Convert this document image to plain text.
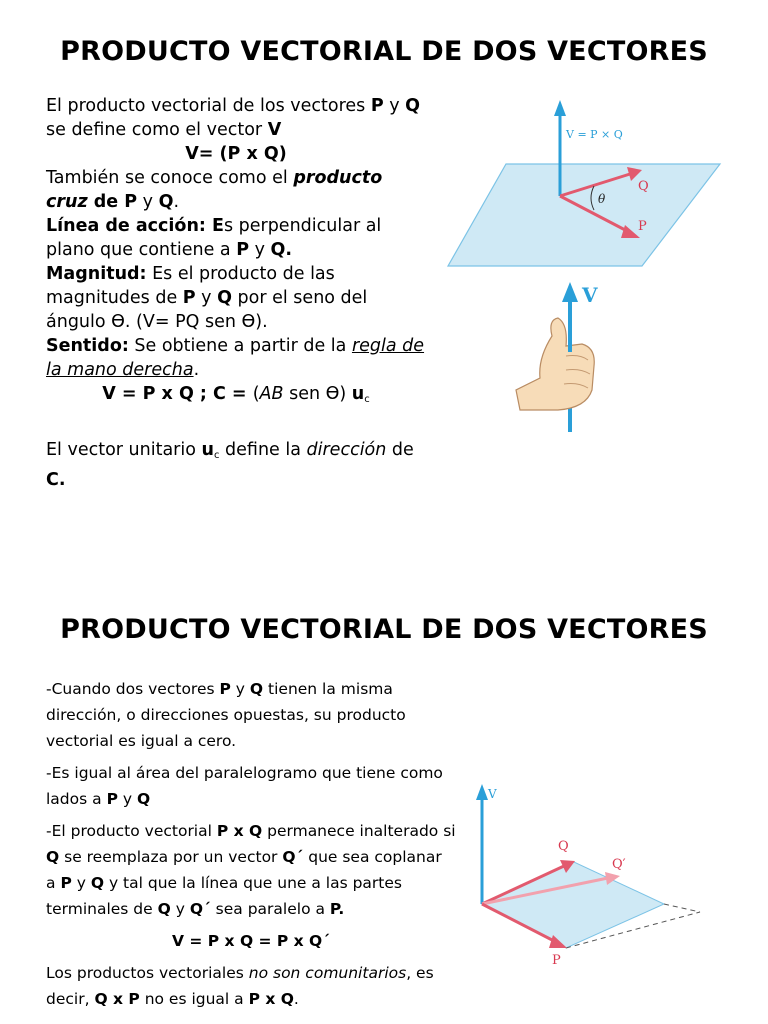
PRODUCTO VECTORIAL DE DOS VECTORES

El producto vectorial de los vectores P y Q se define como el vector V

V= (P x Q)

También se conoce como el producto cruz de P y Q.

Línea de acción: Es perpendicular al plano que contiene a P y Q.

Magnitud: Es el producto de las magnitudes de P y Q por el seno del ángulo ϴ. (V= PQ sen ϴ).

Sentido: Se obtiene a partir de la regla de la mano derecha.

V = P x Q ; C = (AB sen ϴ) $u_c$

El vector unitario $u_c$ define la dirección de C.

V = P × Q
Q
P
θ
V
PRODUCTO VECTORIAL DE DOS VECTORES

-Cuando dos vectores P y Q tienen la misma dirección, o direcciones opuestas, su producto vectorial es igual a cero.

-Es igual al área del paralelogramo que tiene como lados a P y Q

-El producto vectorial P x Q permanece inalterado si Q se reemplaza por un vector Q´ que sea coplanar a P y Q y tal que la línea que une a las partes terminales de Q y Q´ sea paralelo a P.

V = P x Q = P x Q´

Los productos vectoriales no son comunitarios, es decir, Q x P no es igual a P x Q.

V
Q
Q′
P
